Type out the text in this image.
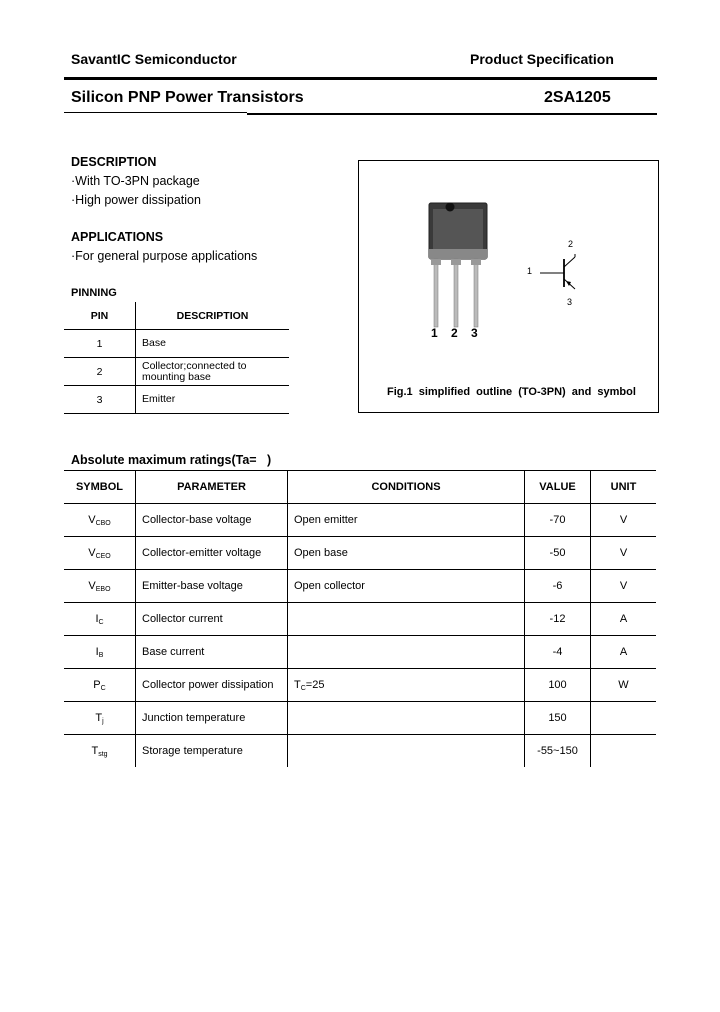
SavantIC Semiconductor	Product Specification
Silicon PNP Power Transistors	2SA1205
DESCRIPTION
·With TO-3PN package
·High power dissipation
APPLICATIONS
·For general purpose applications
PINNING
PIN	DESCRIPTION
1	Base
2	Collector;connected to mounting base
3	Emitter
1 2 3
2
1
3
Fig.1 simplified outline (TO-3PN) and symbol
Absolute maximum ratings(Ta=   )
SYMBOL	PARAMETER	CONDITIONS	VALUE	UNIT
$V_{CBO}$	Collector-base voltage	Open emitter	-70	V
$V_{CEO}$	Collector-emitter voltage	Open base	-50	V
$V_{EBO}$	Emitter-base voltage	Open collector	-6	V
$I_C$	Collector current		-12	A
$I_B$	Base current		-4	A
$P_C$	Collector power dissipation	$T_C=25$	100	W
$T_j$	Junction temperature		150	
$T_{stg}$	Storage temperature		-55~150	
